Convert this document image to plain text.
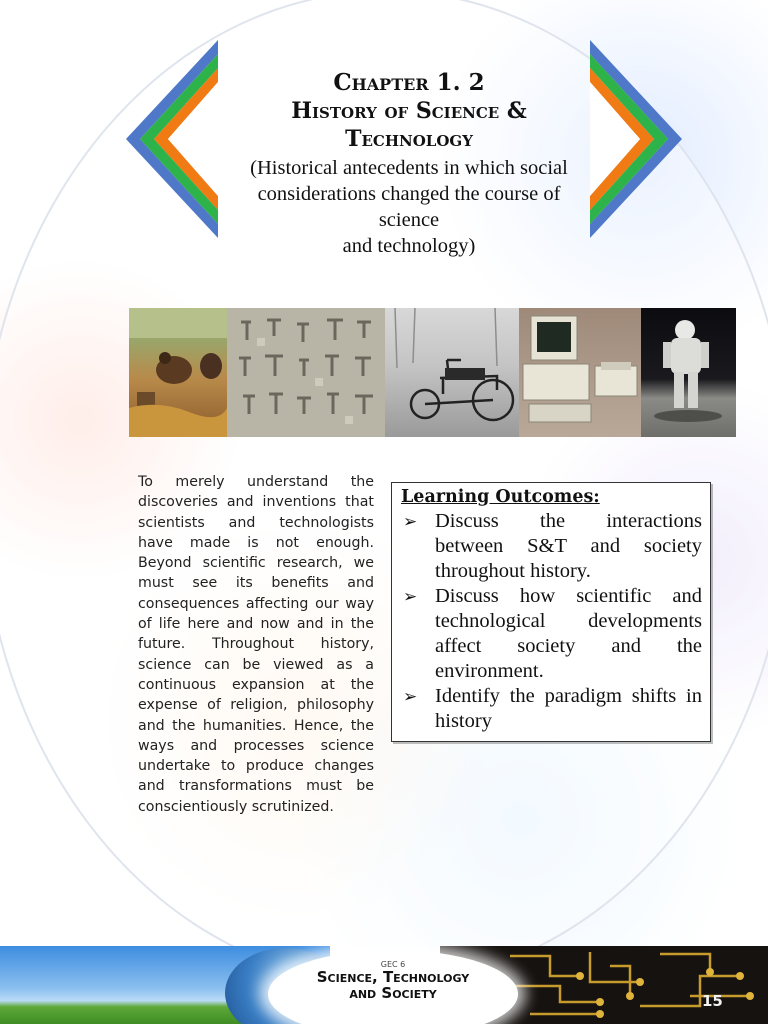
Chapter 1. 2

History of Science &

Technology

(Historical antecedents in which social
considerations changed the course of
science
and technology)

To merely understand the discoveries and inventions that scientists and technologists have made is not enough. Beyond scientific research, we must see its benefits and consequences affecting our way of life here and now and in the future. Throughout history, science can be viewed as a continuous expansion at the expense of religion, philosophy and the humanities. Hence, the ways and processes science undertake to produce changes and transformations must be conscientiously scrutinized.

Learning Outcomes:

➢ Discuss the interactions between S&T and society throughout history.
➢ Discuss how scientific and technological developments affect society and the environment.
➢ Identify the paradigm shifts in history
GEC 6
Science, Technology
and Society	15
